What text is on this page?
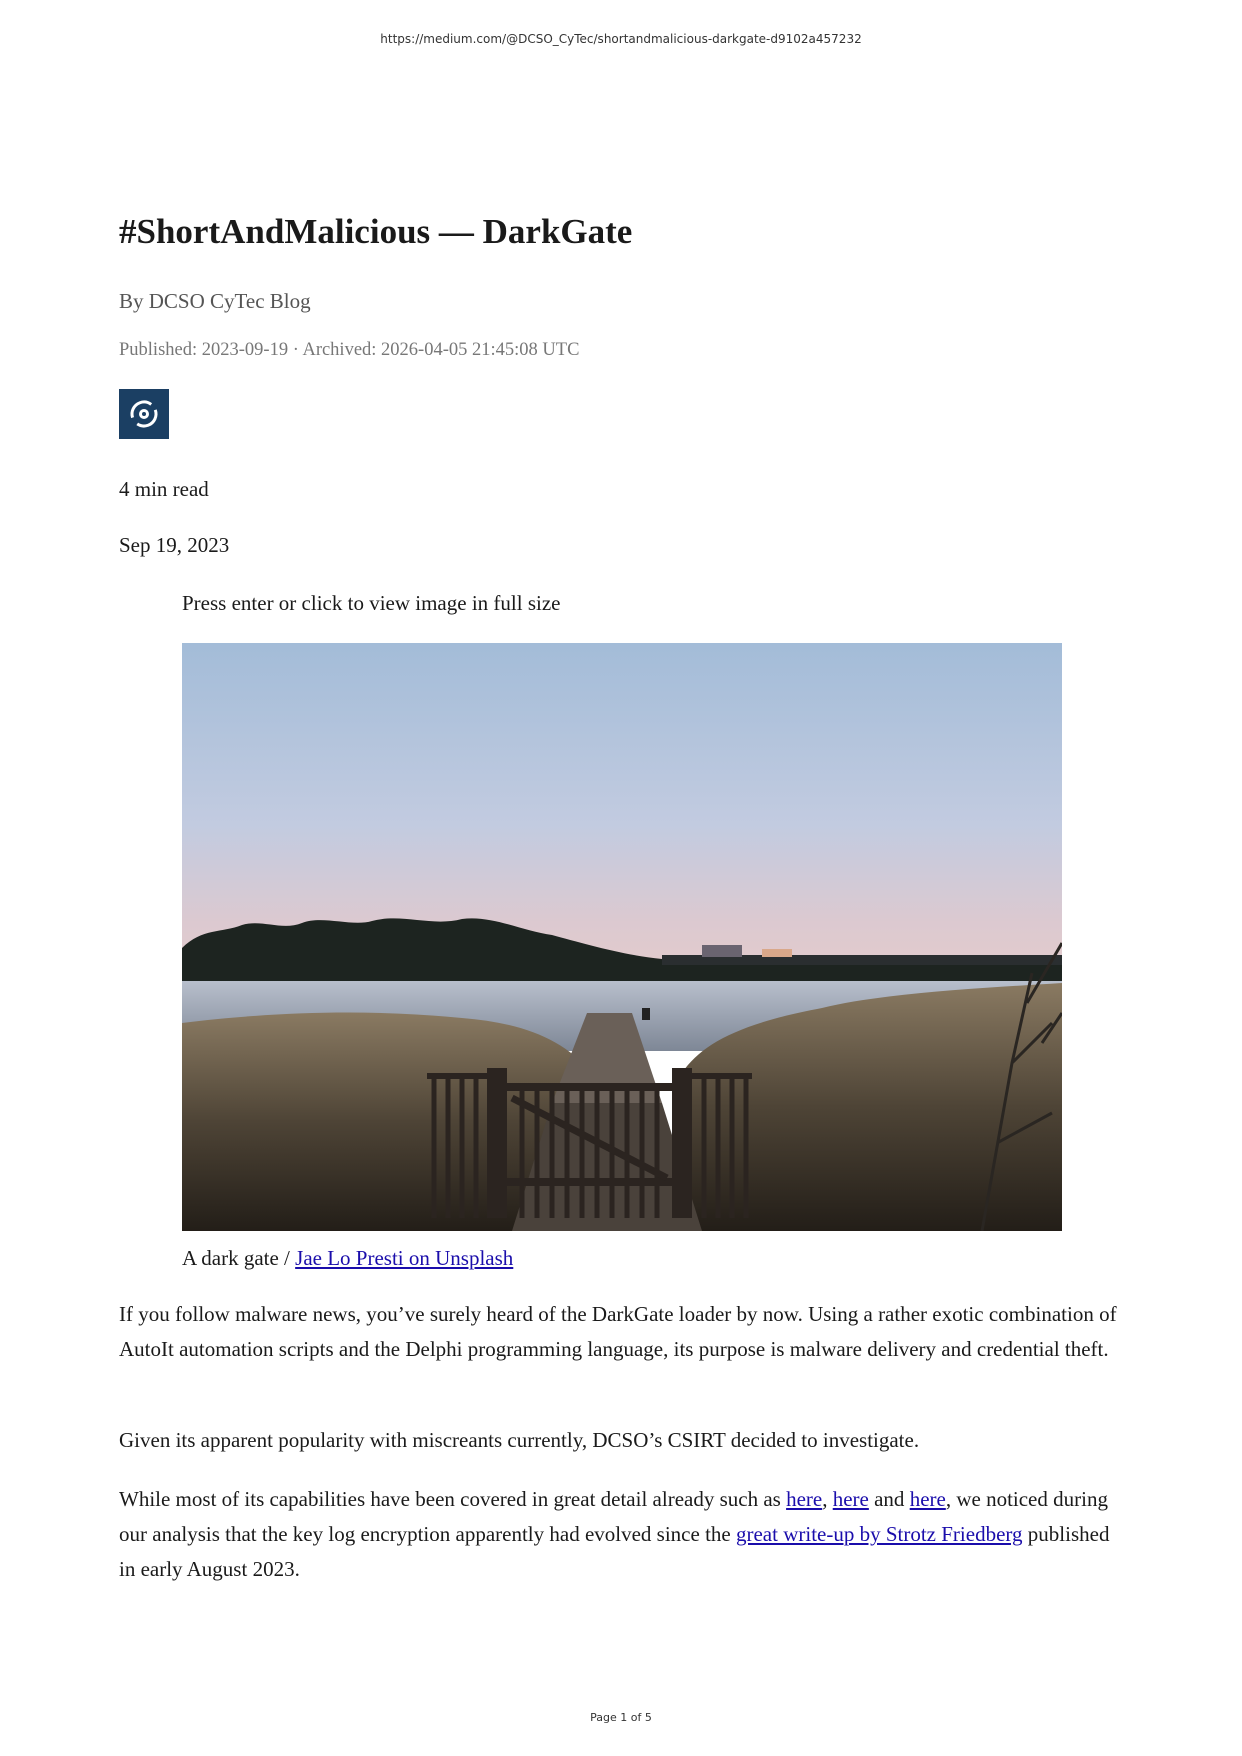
https://medium.com/@DCSO_CyTec/shortandmalicious-darkgate-d9102a457232
#ShortAndMalicious — DarkGate
By DCSO CyTec Blog
Published: 2023-09-19 · Archived: 2026-04-05 21:45:08 UTC
4 min read
Sep 19, 2023
Press enter or click to view image in full size
A dark gate / Jae Lo Presti on Unsplash

If you follow malware news, you’ve surely heard of the DarkGate loader by now. Using a rather exotic combination of AutoIt automation scripts and the Delphi programming language, its purpose is malware delivery and credential theft.

Given its apparent popularity with miscreants currently, DCSO’s CSIRT decided to investigate.

While most of its capabilities have been covered in great detail already such as here, here and here, we noticed during our analysis that the key log encryption apparently had evolved since the great write-up by Strotz Friedberg published in early August 2023.

Page 1 of 5
